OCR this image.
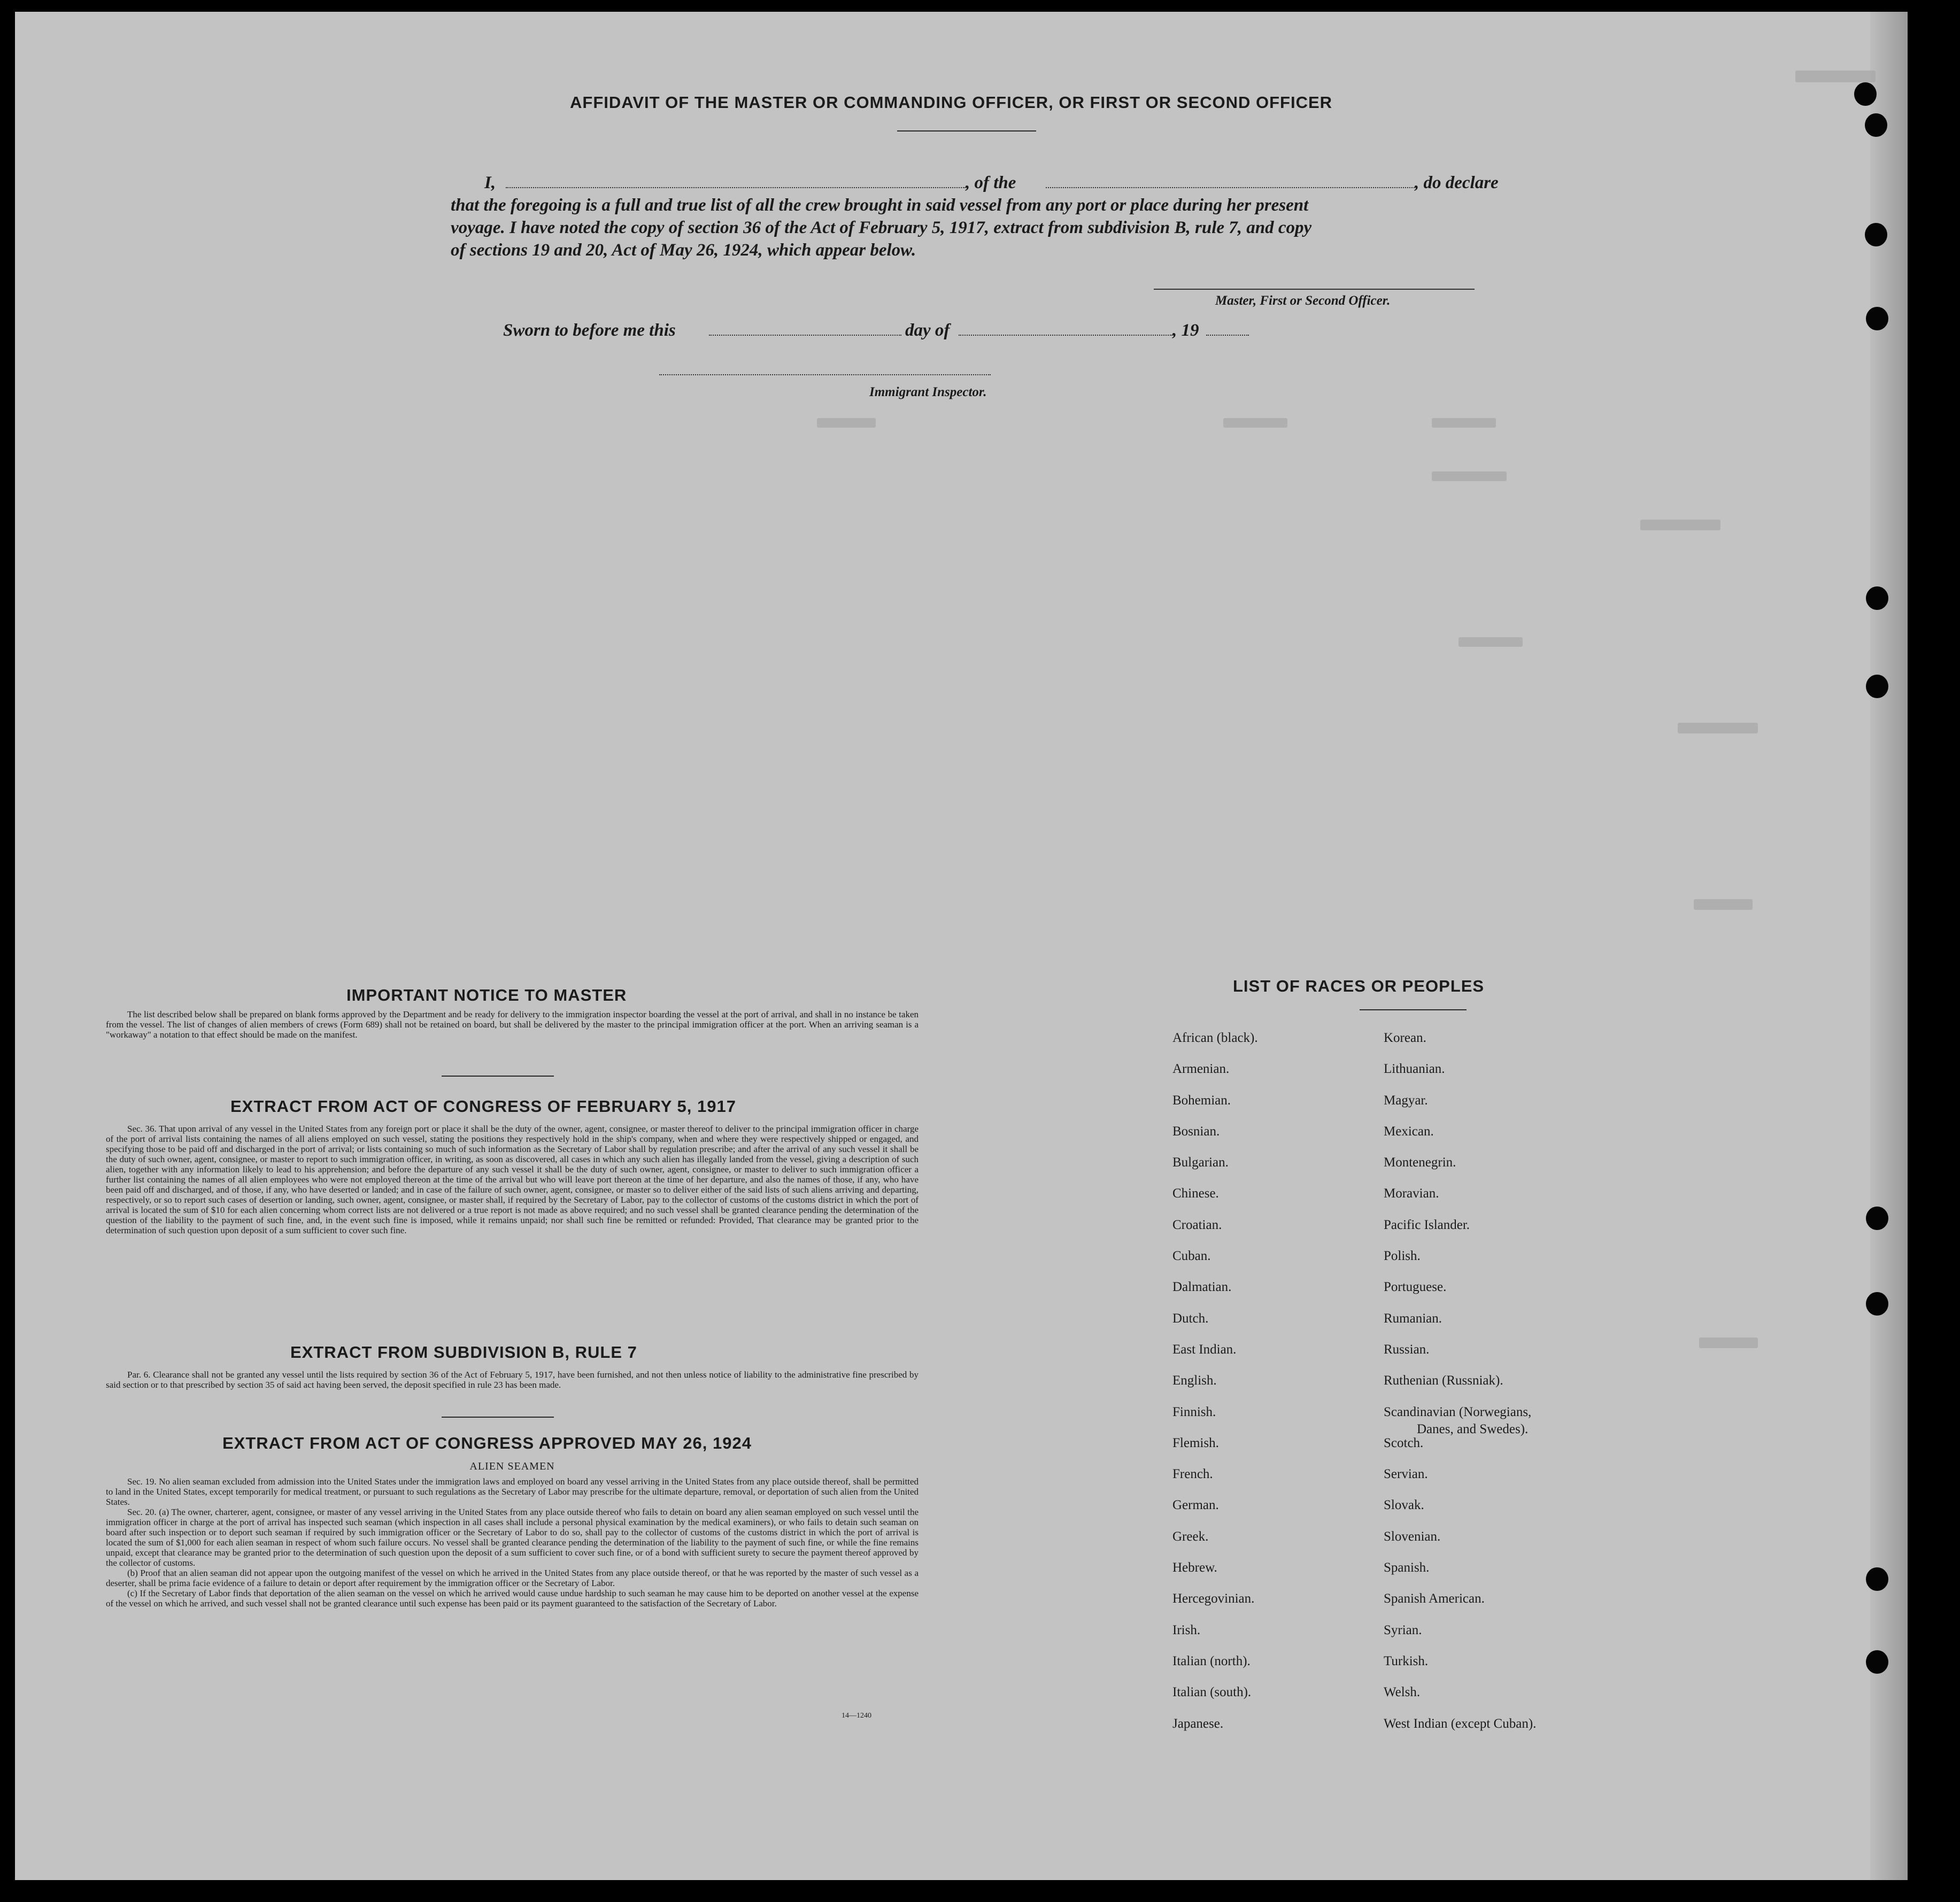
AFFIDAVIT OF THE MASTER OR COMMANDING OFFICER, OR FIRST OR SECOND OFFICER
I,	, of the	, do declare
that the foregoing is a full and true list of all the crew brought in said vessel from any port or place during her present
voyage. I have noted the copy of section 36 of the Act of February 5, 1917, extract from subdivision B, rule 7, and copy
of sections 19 and 20, Act of May 26, 1924, which appear below.
Master, First or Second Officer.
Sworn to before me this	day of	, 19
Immigrant Inspector.
IMPORTANT NOTICE TO MASTER

The list described below shall be prepared on blank forms approved by the Department and be ready for delivery to the immigration inspector boarding the vessel at the port of arrival, and shall in no instance be taken from the vessel. The list of changes of alien members of crews (Form 689) shall not be retained on board, but shall be delivered by the master to the principal immigration officer at the port. When an arriving seaman is a "workaway" a notation to that effect should be made on the manifest.

EXTRACT FROM ACT OF CONGRESS OF FEBRUARY 5, 1917

Sec. 36. That upon arrival of any vessel in the United States from any foreign port or place it shall be the duty of the owner, agent, consignee, or master thereof to deliver to the principal immigration officer in charge of the port of arrival lists containing the names of all aliens employed on such vessel, stating the positions they respectively hold in the ship's company, when and where they were respectively shipped or engaged, and specifying those to be paid off and discharged in the port of arrival; or lists containing so much of such information as the Secretary of Labor shall by regulation prescribe; and after the arrival of any such vessel it shall be the duty of such owner, agent, consignee, or master to report to such immigration officer, in writing, as soon as discovered, all cases in which any such alien has illegally landed from the vessel, giving a description of such alien, together with any information likely to lead to his apprehension; and before the departure of any such vessel it shall be the duty of such owner, agent, consignee, or master to deliver to such immigration officer a further list containing the names of all alien employees who were not employed thereon at the time of the arrival but who will leave port thereon at the time of her departure, and also the names of those, if any, who have been paid off and discharged, and of those, if any, who have deserted or landed; and in case of the failure of such owner, agent, consignee, or master so to deliver either of the said lists of such aliens arriving and departing, respectively, or so to report such cases of desertion or landing, such owner, agent, consignee, or master shall, if required by the Secretary of Labor, pay to the collector of customs of the customs district in which the port of arrival is located the sum of $10 for each alien concerning whom correct lists are not delivered or a true report is not made as above required; and no such vessel shall be granted clearance pending the determination of the question of the liability to the payment of such fine, and, in the event such fine is imposed, while it remains unpaid; nor shall such fine be remitted or refunded: Provided, That clearance may be granted prior to the determination of such question upon deposit of a sum sufficient to cover such fine.

EXTRACT FROM SUBDIVISION B, RULE 7

Par. 6. Clearance shall not be granted any vessel until the lists required by section 36 of the Act of February 5, 1917, have been furnished, and not then unless notice of liability to the administrative fine prescribed by said section or to that prescribed by section 35 of said act having been served, the deposit specified in rule 23 has been made.

EXTRACT FROM ACT OF CONGRESS APPROVED MAY 26, 1924
ALIEN SEAMEN

Sec. 19. No alien seaman excluded from admission into the United States under the immigration laws and employed on board any vessel arriving in the United States from any place outside thereof, shall be permitted to land in the United States, except temporarily for medical treatment, or pursuant to such regulations as the Secretary of Labor may prescribe for the ultimate departure, removal, or deportation of such alien from the United States.

Sec. 20. (a) The owner, charterer, agent, consignee, or master of any vessel arriving in the United States from any place outside thereof who fails to detain on board any alien seaman employed on such vessel until the immigration officer in charge at the port of arrival has inspected such seaman (which inspection in all cases shall include a personal physical examination by the medical examiners), or who fails to detain such seaman on board after such inspection or to deport such seaman if required by such immigration officer or the Secretary of Labor to do so, shall pay to the collector of customs of the customs district in which the port of arrival is located the sum of $1,000 for each alien seaman in respect of whom such failure occurs. No vessel shall be granted clearance pending the determination of the liability to the payment of such fine, or while the fine remains unpaid, except that clearance may be granted prior to the determination of such question upon the deposit of a sum sufficient to cover such fine, or of a bond with sufficient surety to secure the payment thereof approved by the collector of customs.

(b) Proof that an alien seaman did not appear upon the outgoing manifest of the vessel on which he arrived in the United States from any place outside thereof, or that he was reported by the master of such vessel as a deserter, shall be prima facie evidence of a failure to detain or deport after requirement by the immigration officer or the Secretary of Labor.

(c) If the Secretary of Labor finds that deportation of the alien seaman on the vessel on which he arrived would cause undue hardship to such seaman he may cause him to be deported on another vessel at the expense of the vessel on which he arrived, and such vessel shall not be granted clearance until such expense has been paid or its payment guaranteed to the satisfaction of the Secretary of Labor.

14—1240
LIST OF RACES OR PEOPLES
African (black).
Armenian.
Bohemian.
Bosnian.
Bulgarian.
Chinese.
Croatian.
Cuban.
Dalmatian.
Dutch.
East Indian.
English.
Finnish.
Flemish.
French.
German.
Greek.
Hebrew.
Hercegovinian.
Irish.
Italian (north).
Italian (south).
Japanese.
Korean.
Lithuanian.
Magyar.
Mexican.
Montenegrin.
Moravian.
Pacific Islander.
Polish.
Portuguese.
Rumanian.
Russian.
Ruthenian (Russniak).
Scandinavian (Norwegians,
Scotch.
Servian.
Slovak.
Slovenian.
Spanish.
Spanish American.
Syrian.
Turkish.
Welsh.
West Indian (except Cuban).
Danes, and Swedes).
